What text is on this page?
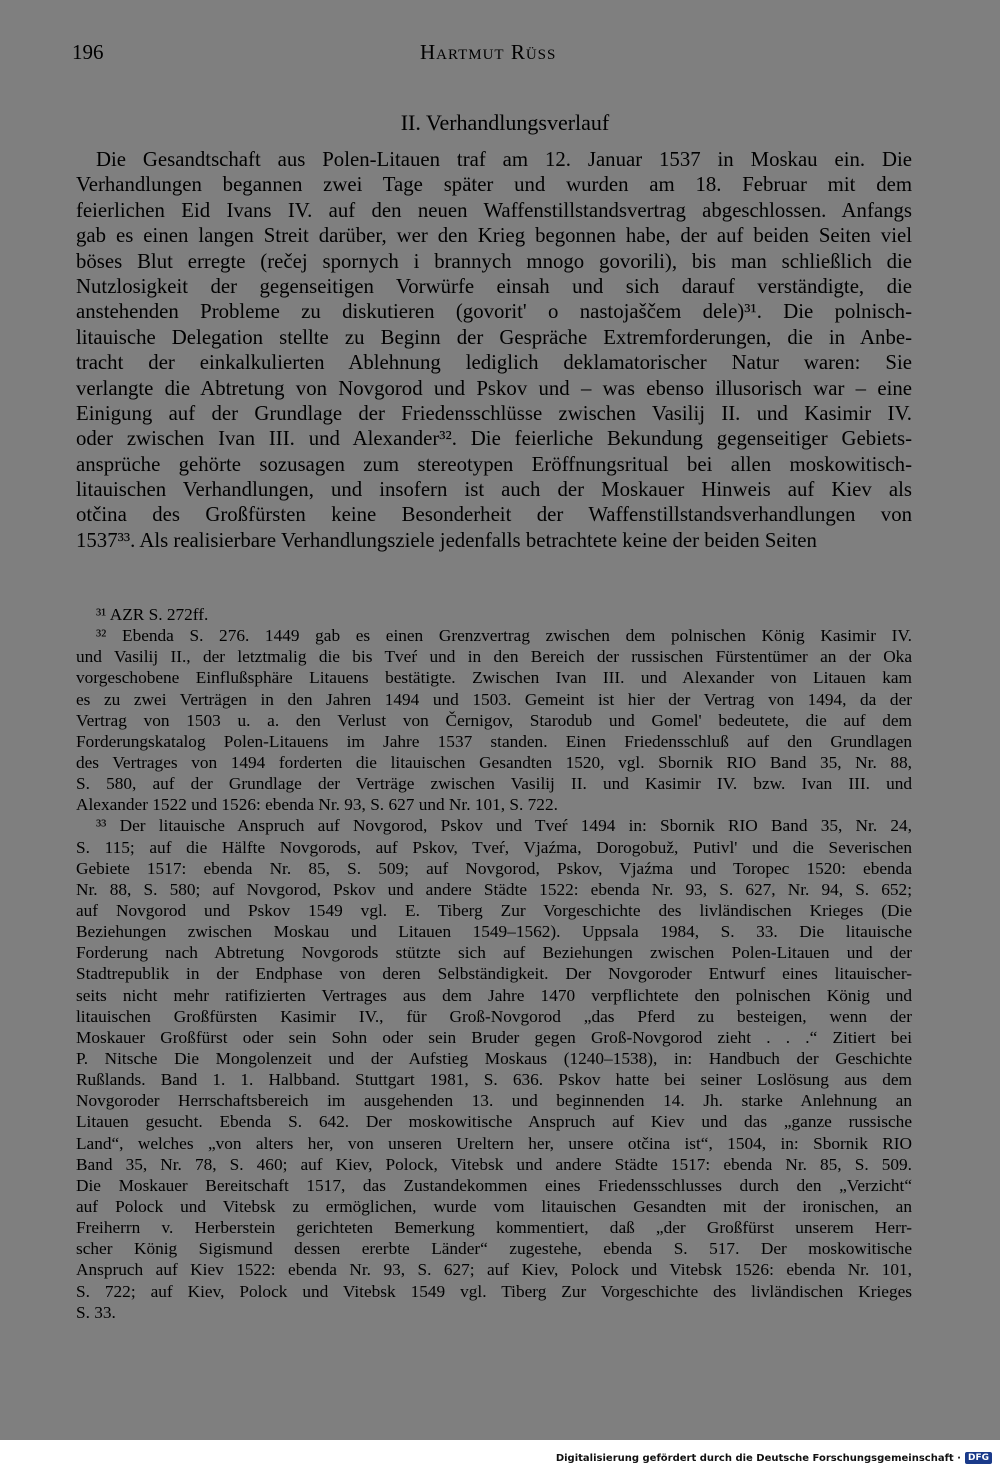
196	Hartmut Rüss
II. Verhandlungsverlauf
Die Gesandtschaft aus Polen-Litauen traf am 12. Januar 1537 in Moskau ein. Die
Verhandlungen begannen zwei Tage später und wurden am 18. Februar mit dem
feierlichen Eid Ivans IV. auf den neuen Waffenstillstandsvertrag abgeschlossen. Anfangs
gab es einen langen Streit darüber, wer den Krieg begonnen habe, der auf beiden Seiten viel
böses Blut erregte (rečej spornych i brannych mnogo govorili), bis man schließlich die
Nutzlosigkeit der gegenseitigen Vorwürfe einsah und sich darauf verständigte, die
anstehenden Probleme zu diskutieren (govorit' o nastojaščem dele)³¹. Die polnisch-
litauische Delegation stellte zu Beginn der Gespräche Extremforderungen, die in Anbe-
tracht der einkalkulierten Ablehnung lediglich deklamatorischer Natur waren: Sie
verlangte die Abtretung von Novgorod und Pskov und – was ebenso illusorisch war – eine
Einigung auf der Grundlage der Friedensschlüsse zwischen Vasilij II. und Kasimir IV.
oder zwischen Ivan III. und Alexander³². Die feierliche Bekundung gegenseitiger Gebiets-
ansprüche gehörte sozusagen zum stereotypen Eröffnungsritual bei allen moskowitisch-
litauischen Verhandlungen, und insofern ist auch der Moskauer Hinweis auf Kiev als
otčina des Großfürsten keine Besonderheit der Waffenstillstandsverhandlungen von
1537³³. Als realisierbare Verhandlungsziele jedenfalls betrachtete keine der beiden Seiten
³¹ AZR S. 272ff.
³² Ebenda S. 276. 1449 gab es einen Grenzvertrag zwischen dem polnischen König Kasimir IV.
und Vasilij II., der letztmalig die bis Tveŕ und in den Bereich der russischen Fürstentümer an der Oka
vorgeschobene Einflußsphäre Litauens bestätigte. Zwischen Ivan III. und Alexander von Litauen kam
es zu zwei Verträgen in den Jahren 1494 und 1503. Gemeint ist hier der Vertrag von 1494, da der
Vertrag von 1503 u. a. den Verlust von Černigov, Starodub und Gomel' bedeutete, die auf dem
Forderungskatalog Polen-Litauens im Jahre 1537 standen. Einen Friedensschluß auf den Grundlagen
des Vertrages von 1494 forderten die litauischen Gesandten 1520, vgl. Sbornik RIO Band 35, Nr. 88,
S. 580, auf der Grundlage der Verträge zwischen Vasilij II. und Kasimir IV. bzw. Ivan III. und
Alexander 1522 und 1526: ebenda Nr. 93, S. 627 und Nr. 101, S. 722.
³³ Der litauische Anspruch auf Novgorod, Pskov und Tveŕ 1494 in: Sbornik RIO Band 35, Nr. 24,
S. 115; auf die Hälfte Novgorods, auf Pskov, Tveŕ, Vjaźma, Dorogobuž, Putivl' und die Severischen
Gebiete 1517: ebenda Nr. 85, S. 509; auf Novgorod, Pskov, Vjaźma und Toropec 1520: ebenda
Nr. 88, S. 580; auf Novgorod, Pskov und andere Städte 1522: ebenda Nr. 93, S. 627, Nr. 94, S. 652;
auf Novgorod und Pskov 1549 vgl. E. Tiberg Zur Vorgeschichte des livländischen Krieges (Die
Beziehungen zwischen Moskau und Litauen 1549–1562). Uppsala 1984, S. 33. Die litauische
Forderung nach Abtretung Novgorods stützte sich auf Beziehungen zwischen Polen-Litauen und der
Stadtrepublik in der Endphase von deren Selbständigkeit. Der Novgoroder Entwurf eines litauischer-
seits nicht mehr ratifizierten Vertrages aus dem Jahre 1470 verpflichtete den polnischen König und
litauischen Großfürsten Kasimir IV., für Groß-Novgorod „das Pferd zu besteigen, wenn der
Moskauer Großfürst oder sein Sohn oder sein Bruder gegen Groß-Novgorod zieht . . .“ Zitiert bei
P. Nitsche Die Mongolenzeit und der Aufstieg Moskaus (1240–1538), in: Handbuch der Geschichte
Rußlands. Band 1. 1. Halbband. Stuttgart 1981, S. 636. Pskov hatte bei seiner Loslösung aus dem
Novgoroder Herrschaftsbereich im ausgehenden 13. und beginnenden 14. Jh. starke Anlehnung an
Litauen gesucht. Ebenda S. 642. Der moskowitische Anspruch auf Kiev und das „ganze russische
Land“, welches „von alters her, von unseren Ureltern her, unsere otčina ist“, 1504, in: Sbornik RIO
Band 35, Nr. 78, S. 460; auf Kiev, Polock, Vitebsk und andere Städte 1517: ebenda Nr. 85, S. 509.
Die Moskauer Bereitschaft 1517, das Zustandekommen eines Friedensschlusses durch den „Verzicht“
auf Polock und Vitebsk zu ermöglichen, wurde vom litauischen Gesandten mit der ironischen, an
Freiherrn v. Herberstein gerichteten Bemerkung kommentiert, daß „der Großfürst unserem Herr-
scher König Sigismund dessen ererbte Länder“ zugestehe, ebenda S. 517. Der moskowitische
Anspruch auf Kiev 1522: ebenda Nr. 93, S. 627; auf Kiev, Polock und Vitebsk 1526: ebenda Nr. 101,
S. 722; auf Kiev, Polock und Vitebsk 1549 vgl. Tiberg Zur Vorgeschichte des livländischen Krieges
S. 33.
Digitalisierung gefördert durch die Deutsche Forschungsgemeinschaft · DFG
